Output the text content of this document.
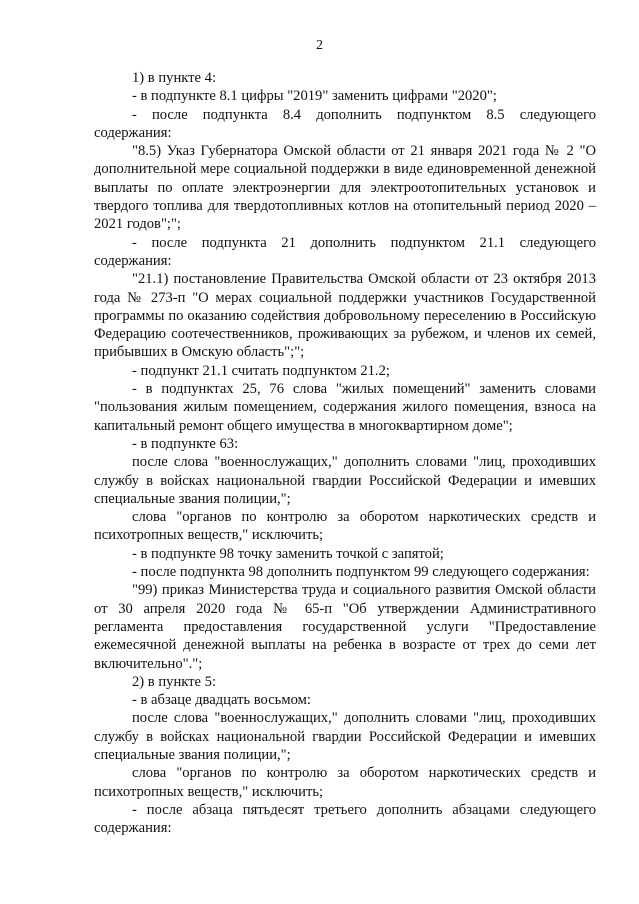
2

1) в пункте 4:

- в подпункте 8.1 цифры "2019" заменить цифрами "2020";

- после подпункта 8.4 дополнить подпунктом 8.5 следующего содержания:

"8.5) Указ Губернатора Омской области от 21 января 2021 года № 2 "О дополнительной мере социальной поддержки в виде единовременной денежной выплаты по оплате электроэнергии для электроотопительных установок и твердого топлива для твердотопливных котлов на отопительный период 2020 – 2021 годов";";

- после подпункта 21 дополнить подпунктом 21.1 следующего содержания:

"21.1) постановление Правительства Омской области от 23 октября 2013 года № 273-п "О мерах социальной поддержки участников Государственной программы по оказанию содействия добровольному переселению в Российскую Федерацию соотечественников, проживающих за рубежом, и членов их семей, прибывших в Омскую область";";

- подпункт 21.1 считать подпунктом 21.2;

- в подпунктах 25, 76 слова "жилых помещений" заменить словами "пользования жилым помещением, содержания жилого помещения, взноса на капитальный ремонт общего имущества в многоквартирном доме";

- в подпункте 63:

после слова "военнослужащих," дополнить словами "лиц, проходивших службу в войсках национальной гвардии Российской Федерации и имевших специальные звания полиции,";

слова "органов по контролю за оборотом наркотических средств и психотропных веществ," исключить;

- в подпункте 98 точку заменить точкой с запятой;

- после подпункта 98 дополнить подпунктом 99 следующего содержания:

"99) приказ Министерства труда и социального развития Омской области от 30 апреля 2020 года № 65-п "Об утверждении Административного регламента предоставления государственной услуги "Предоставление ежемесячной денежной выплаты на ребенка в возрасте от трех до семи лет включительно".";

2) в пункте 5:

- в абзаце двадцать восьмом:

после слова "военнослужащих," дополнить словами "лиц, проходивших службу в войсках национальной гвардии Российской Федерации и имевших специальные звания полиции,";

слова "органов по контролю за оборотом наркотических средств и психотропных веществ," исключить;

- после абзаца пятьдесят третьего дополнить абзацами следующего содержания:
